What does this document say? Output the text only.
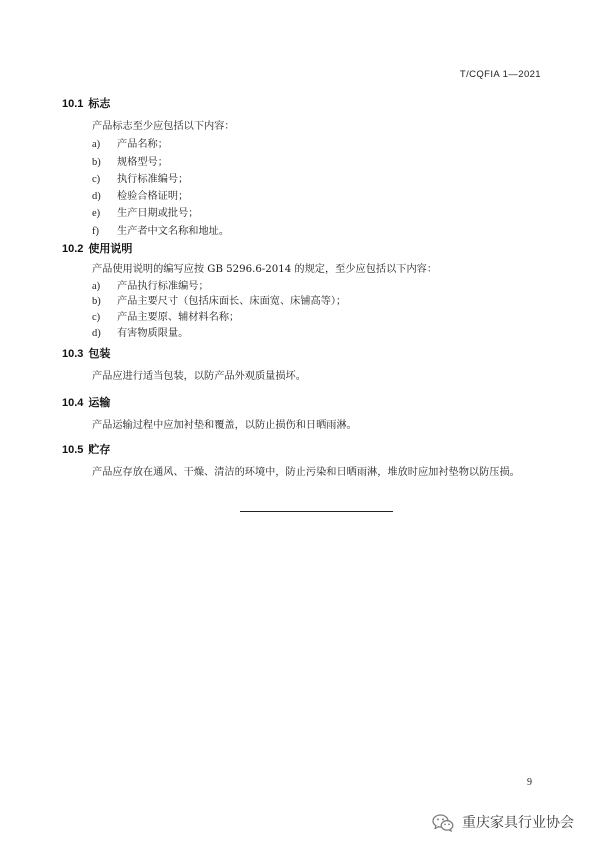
T/CQFIA 1—2021
10.1 标志
产品标志至少应包括以下内容：
a) 产品名称；
b) 规格型号；
c) 执行标准编号；
d) 检验合格证明；
e) 生产日期或批号；
f) 生产者中文名称和地址。
10.2 使用说明
产品使用说明的编写应按 GB 5296.6-2014 的规定，至少应包括以下内容：
a) 产品执行标准编号；
b) 产品主要尺寸（包括床面长、床面宽、床铺高等）；
c) 产品主要原、辅材料名称；
d) 有害物质限量。
10.3 包装
产品应进行适当包装，以防产品外观质量损坏。
10.4 运输
产品运输过程中应加衬垫和覆盖，以防止损伤和日晒雨淋。
10.5 贮存
产品应存放在通风、干燥、清洁的环境中，防止污染和日晒雨淋，堆放时应加衬垫物以防压损。
9
重庆家具行业协会
